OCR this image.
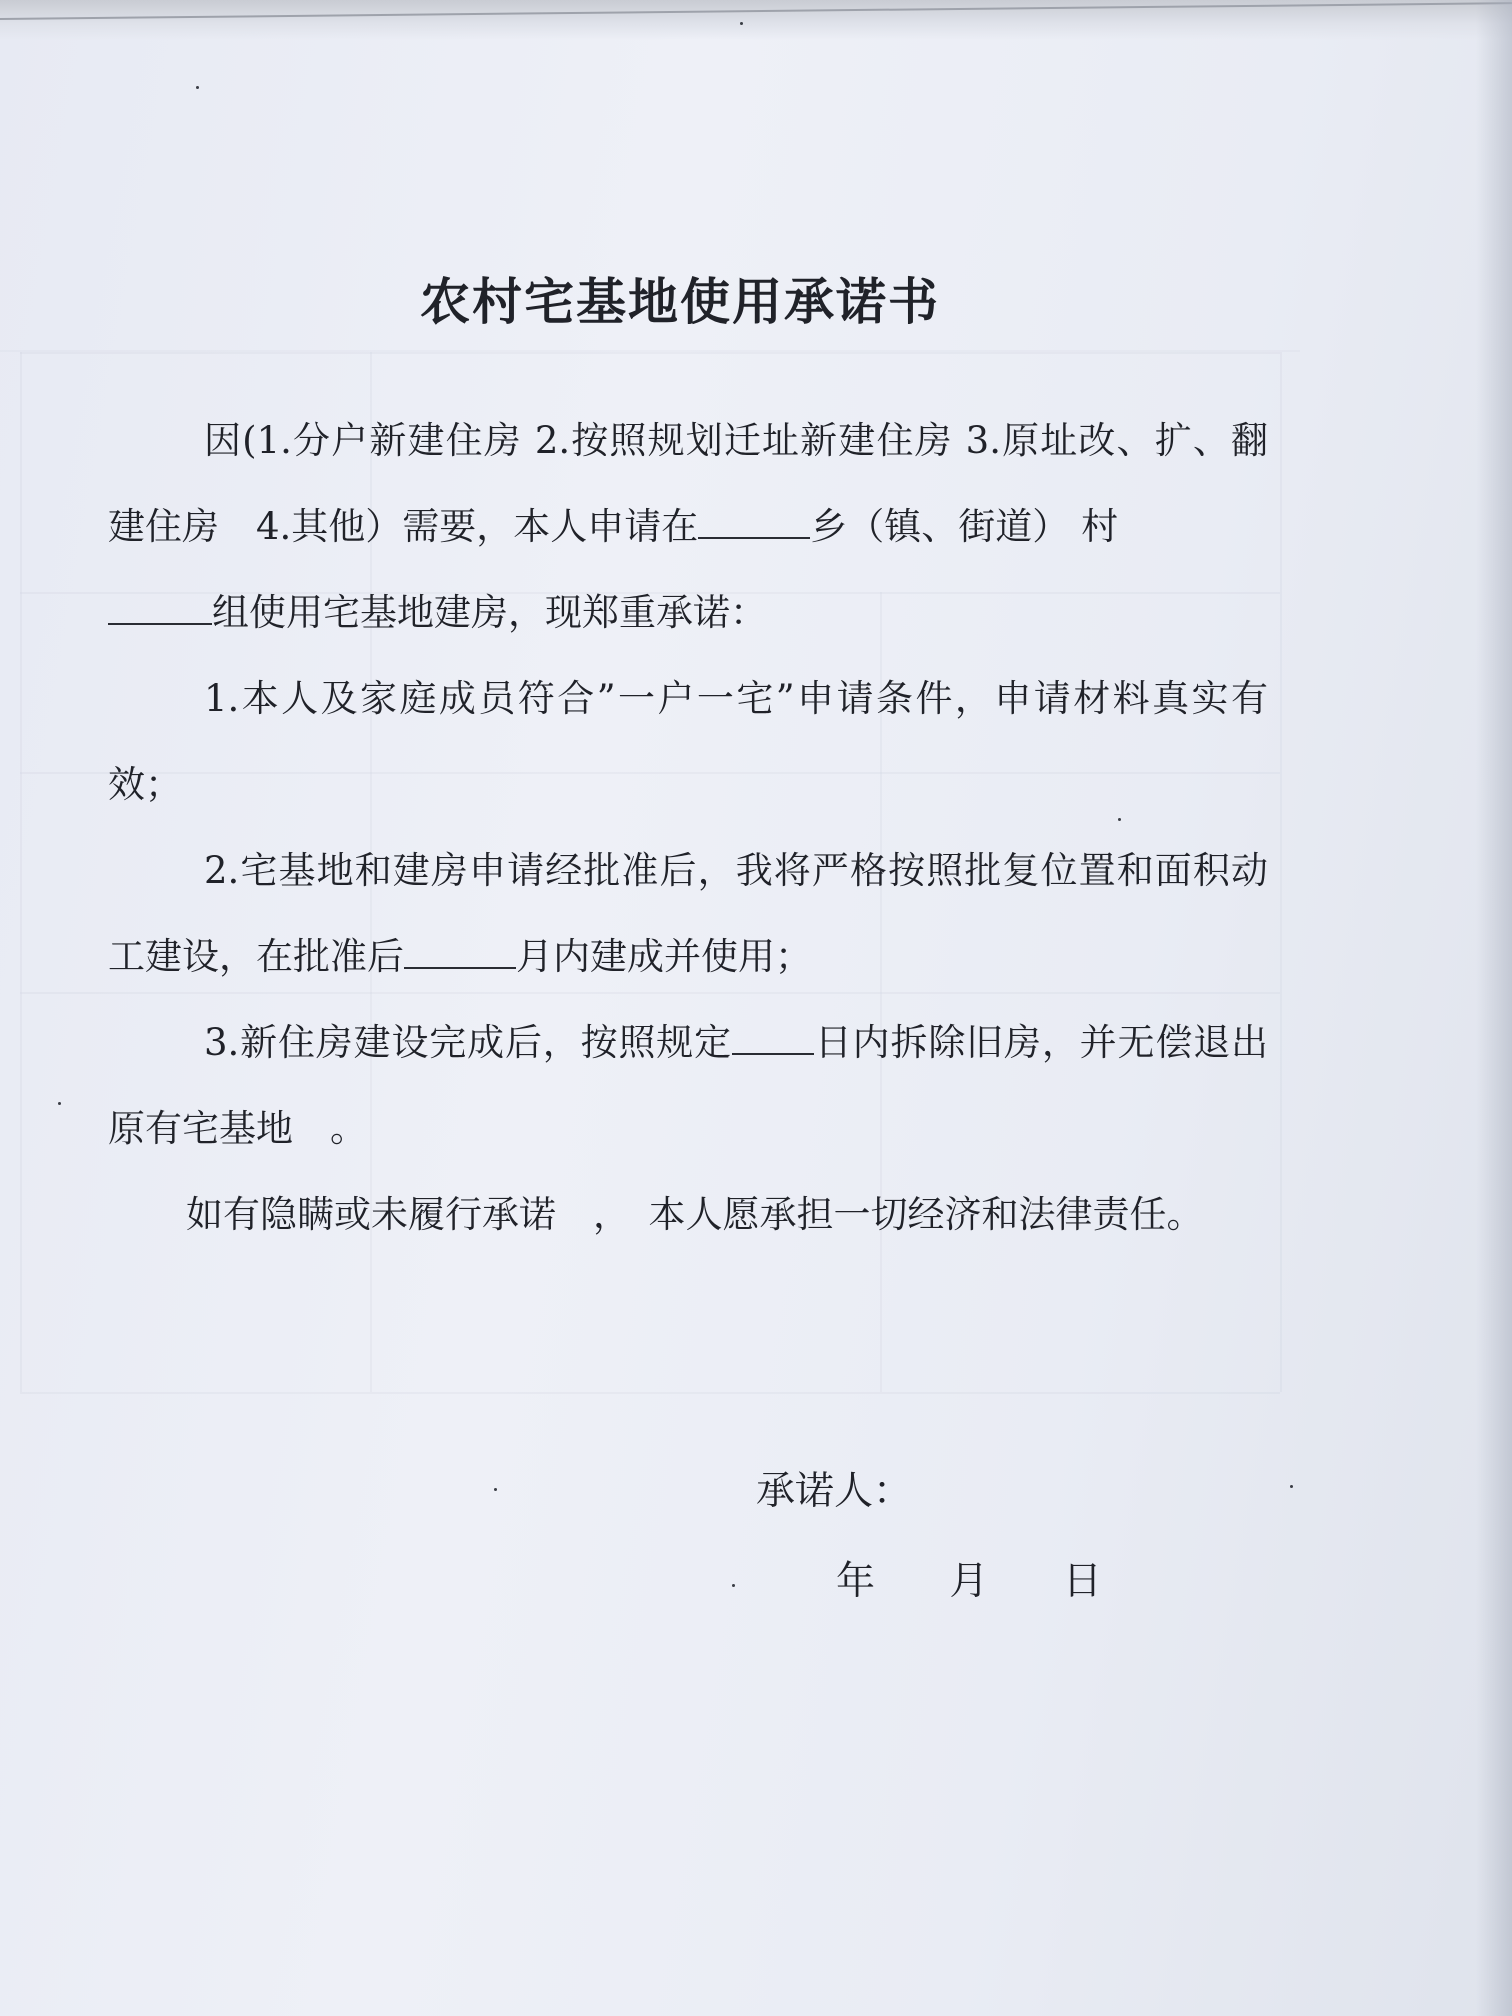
农村宅基地使用承诺书

因(1.分户新建住房 2.按照规划迁址新建住房 3.原址改、扩、翻建住房　4.其他）需要，本人申请在	乡（镇、街道） 村
组使用宅基地建房，现郑重承诺：

1.本人及家庭成员符合”一户一宅”申请条件，申请材料真实有效；

2.宅基地和建房申请经批准后，我将严格按照批复位置和面积动工建设，在批准后	月内建成并使用；

3.新住房建设完成后，按照规定 日内拆除旧房，并无偿退出原有宅基地　。

如有隐瞒或未履行承诺　，　本人愿承担一切经济和法律责任。

承诺人：
年 月 日
